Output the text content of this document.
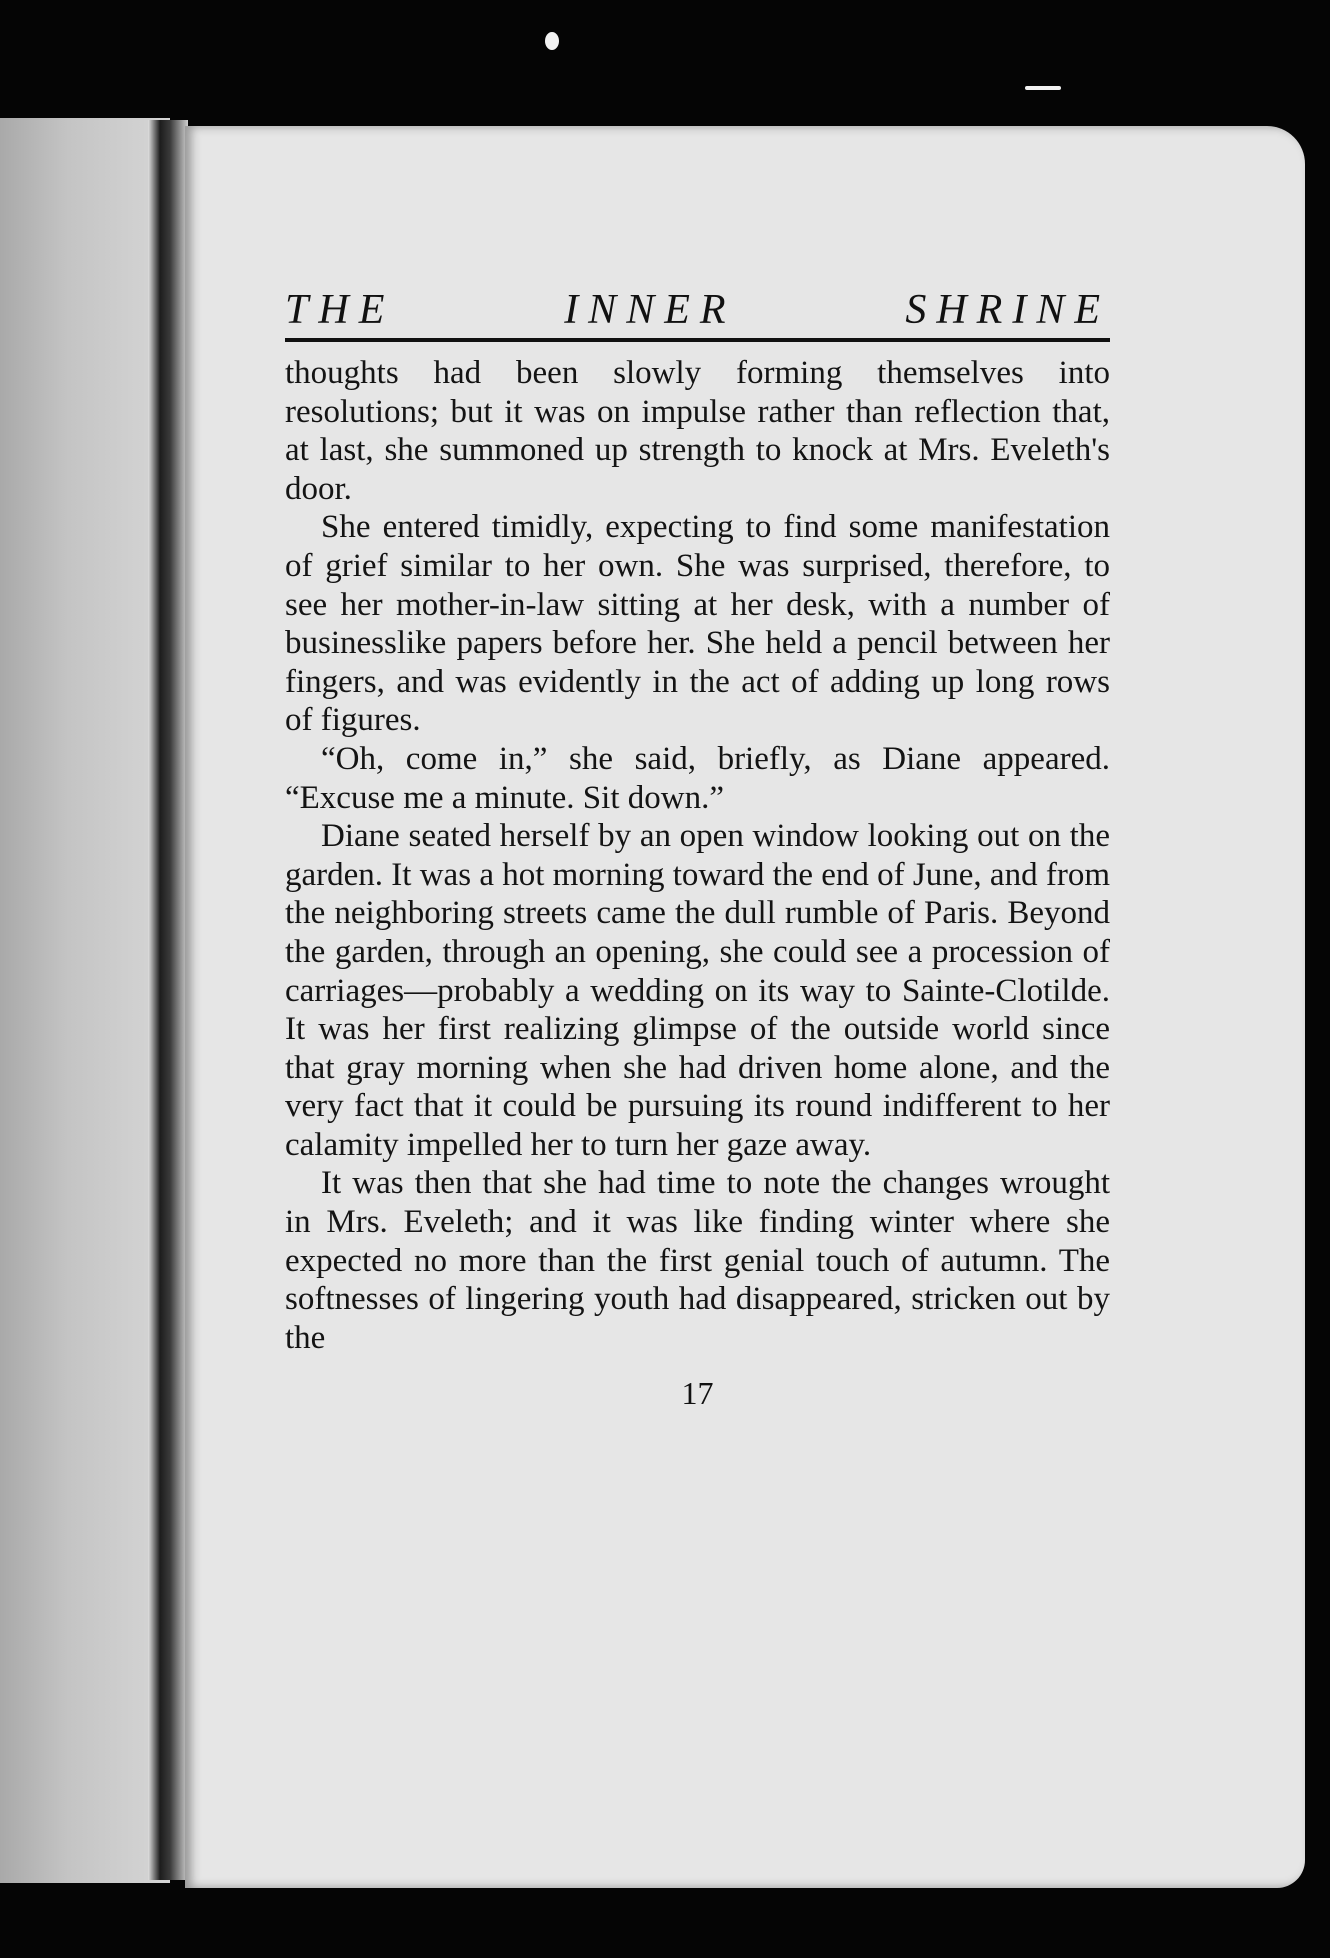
THE	INNER	SHRINE

thoughts had been slowly forming themselves into resolutions; but it was on impulse rather than reflection that, at last, she summoned up strength to knock at Mrs. Eveleth's door.

She entered timidly, expecting to find some manifestation of grief similar to her own. She was surprised, therefore, to see her mother-in-law sitting at her desk, with a number of businesslike papers before her. She held a pencil between her fingers, and was evidently in the act of adding up long rows of figures.

“Oh, come in,” she said, briefly, as Diane appeared. “Excuse me a minute. Sit down.”

Diane seated herself by an open window looking out on the garden. It was a hot morning toward the end of June, and from the neighboring streets came the dull rumble of Paris. Beyond the garden, through an opening, she could see a procession of carriages—probably a wedding on its way to Sainte-Clotilde. It was her first realizing glimpse of the outside world since that gray morning when she had driven home alone, and the very fact that it could be pursuing its round indifferent to her calamity impelled her to turn her gaze away.

It was then that she had time to note the changes wrought in Mrs. Eveleth; and it was like finding winter where she expected no more than the first genial touch of autumn. The softnesses of lingering youth had disappeared, stricken out by the

17
